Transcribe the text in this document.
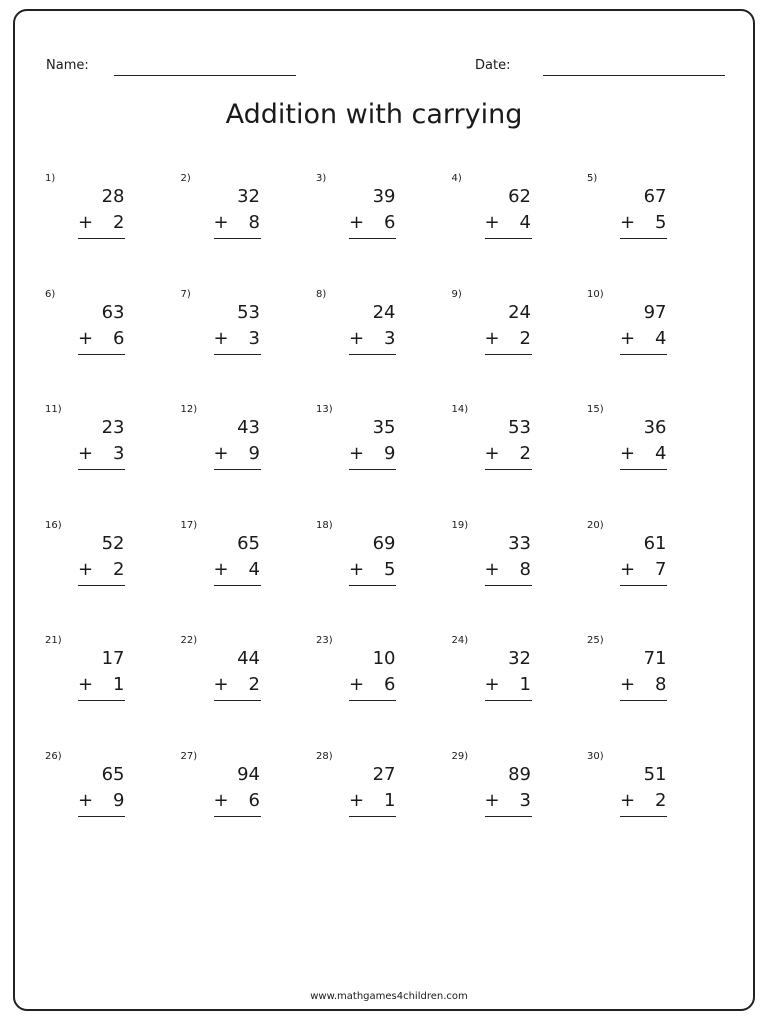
Name:	Date:
Addition with carrying
www.mathgames4children.com
1)
28
+	2
2)
32
+	8
3)
39
+	6
4)
62
+	4
5)
67
+	5
6)
63
+	6
7)
53
+	3
8)
24
+	3
9)
24
+	2
10)
97
+	4
11)
23
+	3
12)
43
+	9
13)
35
+	9
14)
53
+	2
15)
36
+	4
16)
52
+	2
17)
65
+	4
18)
69
+	5
19)
33
+	8
20)
61
+	7
21)
17
+	1
22)
44
+	2
23)
10
+	6
24)
32
+	1
25)
71
+	8
26)
65
+	9
27)
94
+	6
28)
27
+	1
29)
89
+	3
30)
51
+	2
